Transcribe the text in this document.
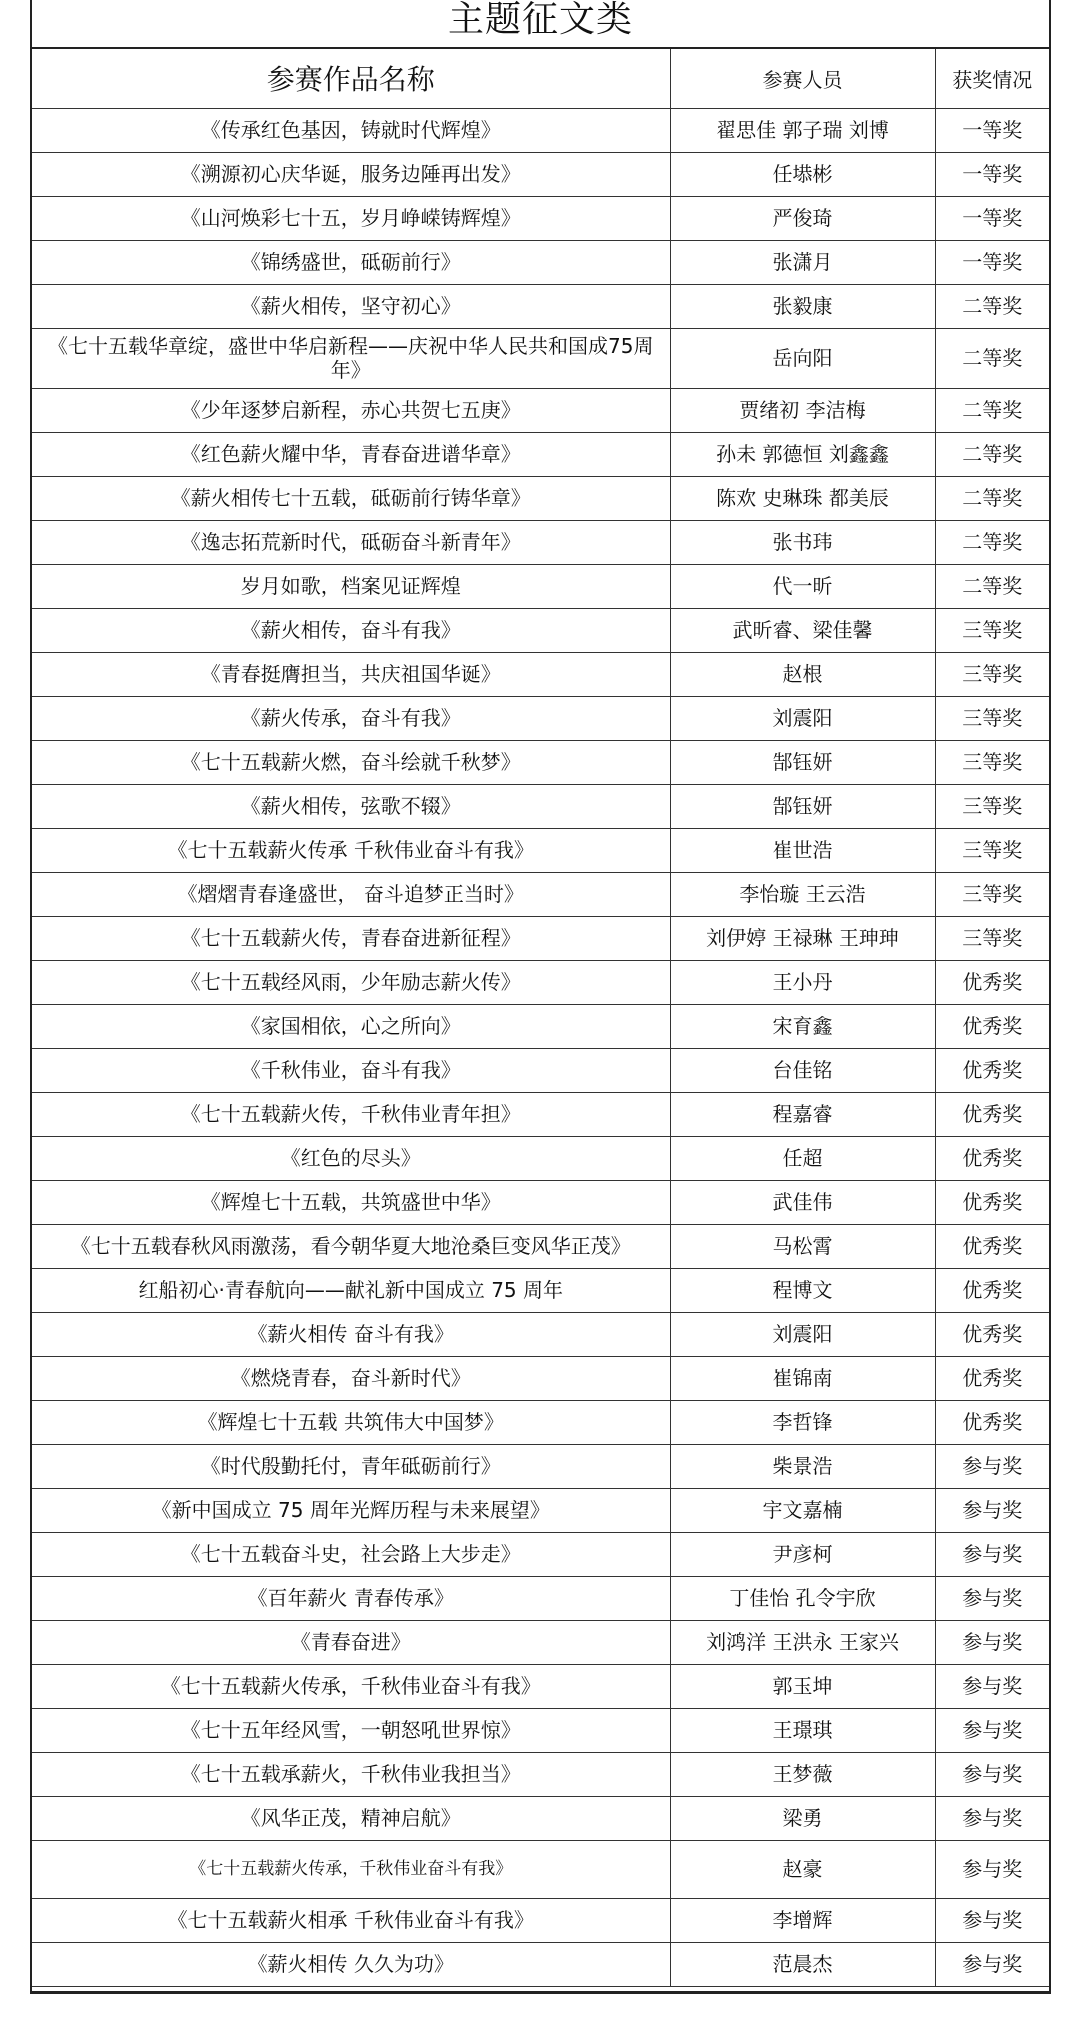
主题征文类
参赛作品名称	参赛人员	获奖情况
《传承红色基因，铸就时代辉煌》	翟思佳 郭子瑞 刘博	一等奖
《溯源初心庆华诞，服务边陲再出发》	任塨彬	一等奖
《山河焕彩七十五，岁月峥嵘铸辉煌》	严俊琦	一等奖
《锦绣盛世，砥砺前行》	张潇月	一等奖
《薪火相传，坚守初心》	张毅康	二等奖
《七十五载华章绽，盛世中华启新程——庆祝中华人民共和国成75周年》	岳向阳	二等奖
《少年逐梦启新程，赤心共贺七五庚》	贾绪初 李洁梅	二等奖
《红色薪火耀中华，青春奋进谱华章》	孙未 郭德恒 刘鑫鑫	二等奖
《薪火相传七十五载，砥砺前行铸华章》	陈欢 史琳珠 都美辰	二等奖
《逸志拓荒新时代，砥砺奋斗新青年》	张书玮	二等奖
岁月如歌，档案见证辉煌	代一昕	二等奖
《薪火相传，奋斗有我》	武昕睿、梁佳馨	三等奖
《青春挺膺担当，共庆祖国华诞》	赵根	三等奖
《薪火传承，奋斗有我》	刘震阳	三等奖
《七十五载薪火燃，奋斗绘就千秋梦》	郜钰妍	三等奖
《薪火相传，弦歌不辍》	郜钰妍	三等奖
《七十五载薪火传承 千秋伟业奋斗有我》	崔世浩	三等奖
《熠熠青春逢盛世， 奋斗追梦正当时》	李怡璇 王云浩	三等奖
《七十五载薪火传，青春奋进新征程》	刘伊婷 王禄琳 王珅珅	三等奖
《七十五载经风雨，少年励志薪火传》	王小丹	优秀奖
《家国相依，心之所向》	宋育鑫	优秀奖
《千秋伟业，奋斗有我》	台佳铭	优秀奖
《七十五载薪火传，千秋伟业青年担》	程嘉睿	优秀奖
《红色的尽头》	任超	优秀奖
《辉煌七十五载，共筑盛世中华》	武佳伟	优秀奖
《七十五载春秋风雨激荡，看今朝华夏大地沧桑巨变风华正茂》	马松霄	优秀奖
红船初心·青春航向——献礼新中国成立 75 周年	程博文	优秀奖
《薪火相传 奋斗有我》	刘震阳	优秀奖
《燃烧青春，奋斗新时代》	崔锦南	优秀奖
《辉煌七十五载 共筑伟大中国梦》	李哲锋	优秀奖
《时代殷勤托付，青年砥砺前行》	柴景浩	参与奖
《新中国成立 75 周年光辉历程与未来展望》	宇文嘉楠	参与奖
《七十五载奋斗史，社会路上大步走》	尹彦柯	参与奖
《百年薪火 青春传承》	丁佳怡 孔令宇欣	参与奖
《青春奋进》	刘鸿洋 王洪永 王家兴	参与奖
《七十五载薪火传承，千秋伟业奋斗有我》	郭玉坤	参与奖
《七十五年经风雪，一朝怒吼世界惊》	王璟琪	参与奖
《七十五载承薪火，千秋伟业我担当》	王梦薇	参与奖
《风华正茂，精神启航》	梁勇	参与奖
《七十五载薪火传承，千秋伟业奋斗有我》	赵豪	参与奖
《七十五载薪火相承 千秋伟业奋斗有我》	李增辉	参与奖
《薪火相传 久久为功》	范晨杰	参与奖
